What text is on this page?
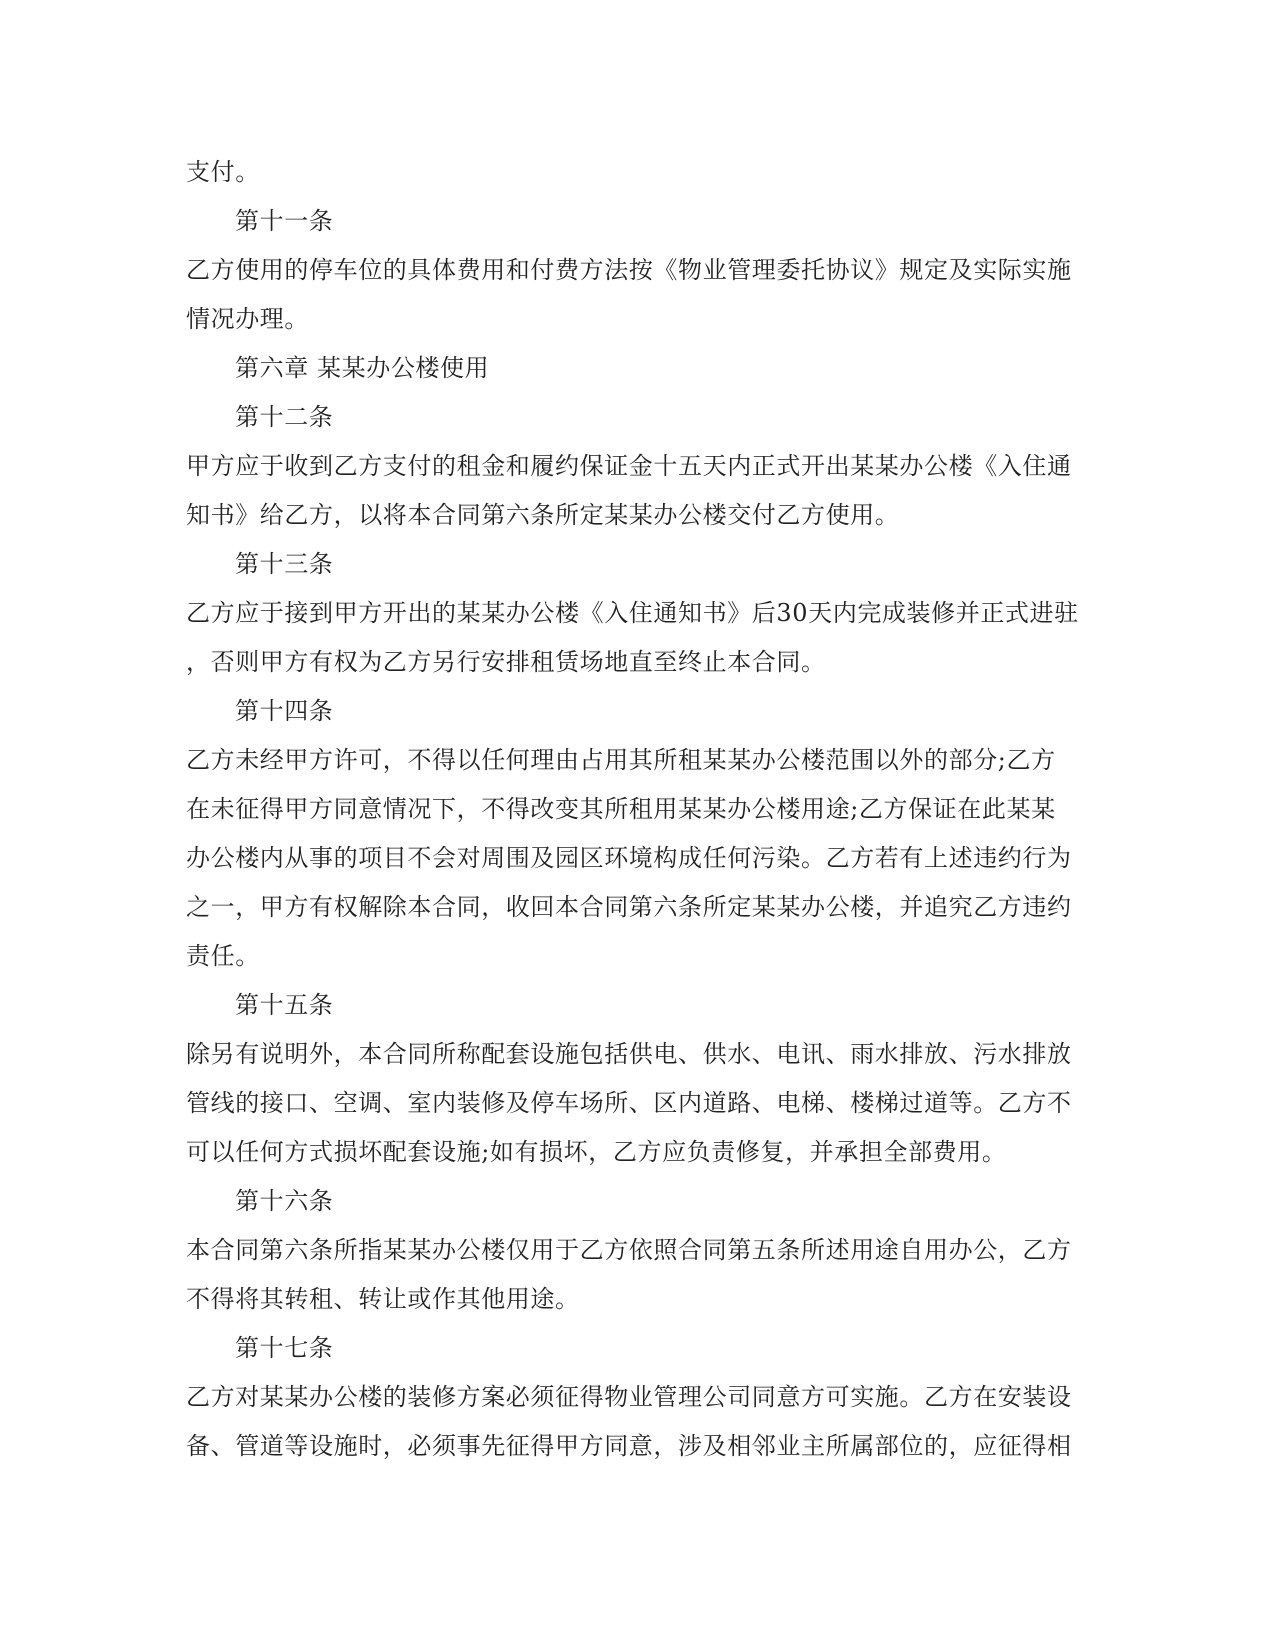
支付。
第十一条
乙方使用的停车位的具体费用和付费方法按《物业管理委托协议》规定及实际实施
情况办理。
第六章 某某办公楼使用
第十二条
甲方应于收到乙方支付的租金和履约保证金十五天内正式开出某某办公楼《入住通
知书》给乙方，以将本合同第六条所定某某办公楼交付乙方使用。
第十三条
乙方应于接到甲方开出的某某办公楼《入住通知书》后30天内完成装修并正式进驻
，否则甲方有权为乙方另行安排租赁场地直至终止本合同。
第十四条
乙方未经甲方许可，不得以任何理由占用其所租某某办公楼范围以外的部分;乙方
在未征得甲方同意情况下，不得改变其所租用某某办公楼用途;乙方保证在此某某
办公楼内从事的项目不会对周围及园区环境构成任何污染。乙方若有上述违约行为
之一，甲方有权解除本合同，收回本合同第六条所定某某办公楼，并追究乙方违约
责任。
第十五条
除另有说明外，本合同所称配套设施包括供电、供水、电讯、雨水排放、污水排放
管线的接口、空调、室内装修及停车场所、区内道路、电梯、楼梯过道等。乙方不
可以任何方式损坏配套设施;如有损坏，乙方应负责修复，并承担全部费用。
第十六条
本合同第六条所指某某办公楼仅用于乙方依照合同第五条所述用途自用办公，乙方
不得将其转租、转让或作其他用途。
第十七条
乙方对某某办公楼的装修方案必须征得物业管理公司同意方可实施。乙方在安装设
备、管道等设施时，必须事先征得甲方同意，涉及相邻业主所属部位的，应征得相
